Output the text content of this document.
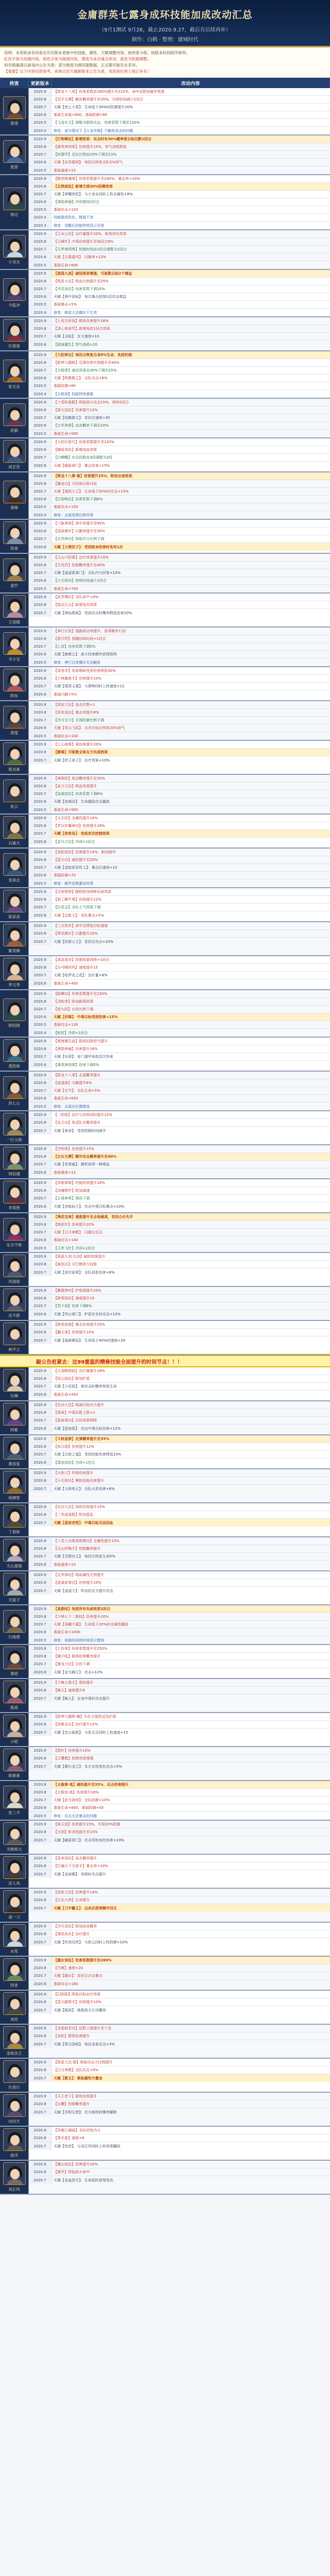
金庸群英七露身成环技能加成改动汇总
（9月1测试 9月26，截止2020.9.27，截后有后续再补）
制作：白鹤 · 整理：庸城时代
说明：本表收录各侠客在历次版本更新中的技能、属性、天赋调整内容，按侠客分组、按版本时间倒序排列。
红色字体为加强内容，绿色字体为削弱内容，黄底为本次重点改动，蓝色为机制调整。
如有错漏请以游戏内公告为准；部分数值为测试服数据，正式服可能存在差异。
【重要】以下内容仅供参考，具体以官方最新版本公告为准，欢迎各位侠士指正补充！
侠客	更新版本	改动内容
郭靖
2020.9	【降龙十八掌】伤害系数由180%提升至210%，命中后附加破甲效果
2020.8	【双手互搏】触发概率提升至35%，冷却时间减少1回合
2020.7	天赋【侠之大者】：生命低于30%时防御提升20%
2020.6	基础生命值+800，基础防御+60
2020.5	【飞龙在天】调整为群体攻击，伤害系数下调至120%
2020.4	修复：部分情况下【亢龙有悔】不触发追击的问题
黄蓉
2020.9	【打狗棒法】新增效果：攻击时有30%概率使目标沉默1回合
2020.8	【落英神剑掌】伤害提升15%，怒气消耗降低
2020.7	【软猬甲】反伤比例由20%下调至15%
2020.6	天赋【冰雪聪明】：每回合恢复全队5%怒气
2020.5	基础速度+15
杨过
2020.9	【黯然销魂掌】伤害系数提升至240%，暴击率+10%
2020.8	【玄铁剑法】新增无视30%防御效果
2020.7	天赋【神雕侠侣】：与小龙女同时上阵全属性+8%
2020.6	【弹指神通】冷却增加1回合
2020.5	基础攻击+120
2020.4	技能描述优化，数值不变
2020.3	修复：觉醒后技能特效显示异常
小龙女
2020.9	【玉女心经】治疗量提升20%，附加净化效果
2020.8	【玉蜂针】中毒伤害提升至每回合8%
2020.7	【天罗地网势】控制时间由2回合调整为1回合
2020.6	天赋【古墓遗风】：闪避率+12%
2020.5	基础生命+600
令狐冲
2020.9	【独孤九剑】破招效果增强，可驱散目标2个增益
2020.8	【吸星大法】吸血比例提升至25%
2020.7	【冲灵剑法】伤害系数下调10%
2020.6	天赋【酒中剑仙】：每次暴击获得1层攻击增益
2020.5	基础暴击+5%
2020.4	修复：吸星大法偶尔不生效
任盈盈
2020.9	【七弦无形剑】群体伤害提升18%
2020.8	【清心普善咒】新增免控1回合效果
2020.7	天赋【圣姑】：友方速度+10
2020.6	【碧海潮生】怒气消耗+20
张无忌
2020.9	【九阳神功】每回合恢复自身8%生命，免疫灼烧
2020.8	【乾坤大挪移】反弹伤害比例提升至40%
2020.7	【太极拳】减伤效果由30%下调至25%
2020.6	天赋【明教教主】：全队攻击+6%
2020.5	基础防御+80
2020.4	【太极剑】技能特效重做
赵敏
2020.9	【十香软筋散】降低敌方攻击15%，持续2回合
2020.8	【倚天剑法】伤害提升12%
2020.7	天赋【绍敏郡主】：首回合速度+30
2020.6	【玄冥神掌】冰冻概率下调至20%
2020.5	基础生命+500
周芷若
2020.9	【九阴白骨爪】伤害系数提升至220%
2020.8	【峨眉剑法】新增流血效果
2020.7	【白蟒鞭】攻击段数由3段调整为2段
2020.6	天赋【峨眉掌门】：暴击伤害+15%
萧峰
2020.9	【降龙十八掌·极】伤害提升25%，附加击退效果
2020.8	【擒龙功】可拉取后排目标
2020.7	天赋【南院大王】：生命高于50%时攻击+15%
2020.6	【打狗棒法】伤害系数下调8%
2020.5	基础攻击+150
2020.4	修复：击退效果位移异常
段誉
2020.9	【六脉神剑】命中率提升至95%
2020.8	【凌波微步】闪避率提升至30%
2020.7	【北冥神功】吸取内力比例下调
2020.6	天赋【大理世子】：受到致命伤害时免死1次
虚竹
2020.9	【天山六阳掌】治疗效果提升15%
2020.8	【生死符】控制概率提升至40%
2020.7	天赋【逍遥派掌门】：全队内力回复+10%
2020.6	【小无相功】持续时间减少1回合
2020.5	基础生命+700
王语嫣
2020.9	【武学博识】全队命中+8%
2020.8	【指点江山】新增易伤效果
2020.7	天赋【神仙姐姐】：受到攻击时概率降低伤害20%
韦小宝
2020.9	【神行百变】逃跑成功率提升，获得额外行动
2020.8	【蒙汗药】昏睡持续时间+1回合
2020.7	【匕首】伤害系数下调5%
2020.6	天赋【鹿鼎公】：战斗结束额外获得银两
2020.5	修复：神行百变偶尔无法触发
阿朱
2020.9	【易容术】伪装期间受到伤害降低30%
2020.8	【少林擒拿手】伤害提升10%
2020.7	天赋【情深义重】：与萧峰同时上阵速度+12
2020.6	基础闪避+5%
胡斐
2020.9	【胡家刀法】连击次数+1
2020.8	【苗家剑法】暴击率提升8%
2020.7	【冷月宝刀】无视防御比例下调
2020.6	天赋【雪山飞狐】：击杀目标后恢复20%怒气
2020.5	基础攻击+100
程灵素
2020.9	【七心海棠】毒伤害提升20%
2020.8	【解毒】可驱散全体友方负面效果
2020.7	天赋【药王弟子】：治疗效果+10%
狄云
2020.9	【神照经】复活概率提升至30%
2020.8	【血刀刀法】吸血效果提升
2020.7	【连城剑法】伤害系数下调6%
2020.6	天赋【连城诀】：生命越低攻击越高
2020.5	基础生命+900
石破天
2020.9	【太玄经】全属性提升10%
2020.8	【罗汉伏魔神功】伤害提升18%
2020.7	天赋【侠客岛】：免疫首次控制效果
2020.6	【金乌刀法】冷却+1回合
袁承志
2020.9	【金蛇剑法】伤害提升14%，附加破甲
2020.8	【混元功】减伤提升至20%
2020.7	天赋【金蛇郎君传人】：暴击后速度+10
2020.6	基础防御+70
2020.5	修复：破甲层数叠加异常
陈家洛
2020.9	【百花错拳】随机附加两种负面效果
2020.8	【庖丁解牛掌】伤害提升12%
2020.7	【红花会】全队士气效果下调
2020.6	天赋【总舵主】：全队暴击+5%
霍青桐
2020.9	【三分剑术】命中后降低目标速度
2020.8	【翠羽黄衫】闪避提升10%
2020.7	天赋【回部公主】：首回合攻击+20%
李文秀
2020.9	【高昌迷宫】控制效果持续+1回合
2020.8	【白马啸西风】速度提升15
2020.7	天赋【哈萨克之花】：治疗量+8%
2020.6	基础生命+400
欧阳锋
2020.9	【蛤蟆功】伤害系数提升至230%
2020.8	【灵蛇拳】附加剧毒效果
2020.7	【逆九阴】自伤比例下调
2020.6	天赋【西毒】：中毒目标受到伤害+15%
2020.5	基础攻击+130
2020.4	【蛇杖】冷却+1回合
黄药师
2020.9	【碧海潮生曲】群体扣除怒气提升
2020.8	【弹指神通】伤害提升16%
2020.7	天赋【东邪】：奇门遁甲免疫首次伤害
2020.6	【落英神剑掌】伤害下调5%
洪七公
2020.9	【降龙十八掌】击退概率提升
2020.8	【逍遥游】闪避提升8%
2020.7	天赋【北丐】：全队生命+5%
2020.6	基础生命+650
2020.5	修复：击退后位置错误
一灯大师
2020.9	【一阳指】治疗与伤害同时提升12%
2020.8	【先天功】复活队友概率提升
2020.7	天赋【南帝】：受到控制时间减半
周伯通
2020.9	【空明拳】伤害提升15%
2020.8	【左右互搏】额外攻击概率提升至40%
2020.7	天赋【老顽童】：随机获得一种增益
2020.6	基础速度+12
李莫愁
2020.9	【赤练神掌】灼烧伤害提升18%
2020.8	【冰魄银针】附加减速
2020.7	【五毒神掌】毒伤下调
2020.6	天赋【赤练仙子】：攻击中毒目标暴击+10%
东方不败
2020.9	【葵花宝典】速度提升至全场最高，首回合必先手
2020.8	【绣花针】伤害提升20%
2020.7	天赋【日月神教】：闪避后反击
2020.6	基础攻击+140
2020.5	【天外飞针】冷却+1回合
风清扬
2020.9	【独孤九剑·总诀】破防效果提升
2020.8	【破剑式】可打断敌方技能
2020.7	天赋【剑宗前辈】：全队剑系伤害+8%
岳不群
2020.9	【紫霞神功】护盾值提升20%
2020.8	【辟邪剑法】速度提升10
2020.7	【君子剑】伤害下调6%
2020.6	天赋【华山掌门】：护盾存在时攻击+10%
林平之
2020.9	【辟邪剑谱】暴击伤害提升25%
2020.8	【翻天掌】伤害提升10%
2020.7	天赋【福威镖局】：生命低于40%时速度+20
敲公告赶紧去：这99重温的精修技能全面提升的时间节点！！！
仪琳
2020.9	【天香断续胶】治疗量提升18%
2020.8	【恒山剑法】附加护盾
2020.7	天赋【小尼姑】：被攻击时概率恢复生命
2020.6	基础生命+450
阿紫
2020.9	【化功大法】削减目标内力提升
2020.8	【毒掌】中毒层数上限+2
2020.7	【星宿毒功】自伤效果移除
2020.6	天赋【星宿派】：攻击中毒目标伤害+12%
慕容复
2020.9	【斗转星移】反弹概率提升至35%
2020.8	【参合指】伤害提升12%
2020.7	天赋【以彼之道】：受到技能伤害降低10%
2020.6	【慕容剑法】冷却+1回合
鸠摩智
2020.9	【火焰刀】灼烧伤害提升
2020.8	【小无相功】模拟技能伤害提升
2020.7	天赋【大轮明王】：全队火系伤害+6%
丁春秋
2020.9	【化功大法】持续伤害提升15%
2020.8	【三笑逍遥散】附加混乱
2020.7	天赋【星宿老怪】：中毒目标无法回血
天山童姥
2020.9	【八荒六合唯我独尊功】全属性提升15%
2020.8	【天山折梅手】控制概率提升
2020.7	天赋【灵鹫宫主】：每回合恢复生命5%
2020.6	基础速度+10
无崖子
2020.9	【北冥神功】吸取属性比例提升
2020.8	【逍遥派掌法】伤害提升10%
2020.7	天赋【逍遥子】：传功给友方提升攻击
扫地僧
2020.9	【易筋经】免疫所有负面效果2回合
2020.8	【少林七十二绝技】伤害提升20%
2020.7	天赋【深藏不露】：生命低于20%时全属性翻倍
2020.6	基础生命+1000
2020.5	修复：易筋经持续时间显示错误
谢逊
2020.9	【七伤拳】伤害系数提升至250%
2020.8	【狮子吼】群体眩晕概率提升
2020.7	【屠龙刀法】自伤下调
2020.6	天赋【金毛狮王】：攻击+12%
殷离
2020.9	【千蛛万毒手】毒伤提升
2020.8	【蛛儿】速度提升8
2020.7	天赋【蛛儿】：自身中毒时攻击提升
小昭
2020.9	【乾坤大挪移·辅】为友方提供反伤护盾
2020.8	【波斯圣女】治疗提升12%
2020.7	天赋【忠心耿耿】：与张无忌同时上阵速度+15
殷素素
2020.9	【银针】伤害提升10%
2020.8	【天鹰教】控制效果增强
2020.7	天赋【紫衫龙王】：友方女性角色攻击+5%
张三丰
2020.9	【太极拳·真】减伤提升至35%，反击伤害提升
2020.8	【太极剑·真】伤害提升18%
2020.7	天赋【武当祖师】：全队防御+10%
2020.6	基础生命+800，基础防御+50
2020.5	修复：反击无法暴击的问题
灭绝师太
2020.9	【倚天剑】伤害提升15%，无视20%防御
2020.8	【灭剑】斩杀线提升至15%
2020.7	天赋【峨眉掌门】：攻击男性角色伤害+10%
苗人凤
2020.9	【苗家剑法】连击概率提升
2020.8	【打遍天下无敌手】暴击率+10%
2020.7	天赋【金面佛】：单挑时攻击提升
胡一刀
2020.9	【胡家刀法】伤害提升14%
2020.8	【辽东大侠】生命提升
2020.7	天赋【刀中霸主】：击杀后获得额外回合
水笙
2020.9	【冷月剑法】附加冰冻概率
2020.8	【落花流水】治疗提升
2020.7	天赋【铃剑双侠】：与狄云同时上阵防御+10%
阿青
2020.9	【越女剑法】伤害系数提升至260%
2020.8	【竹棒】速度+20
2020.7	天赋【越女】：首回合必定暴击
2020.6	基础攻击+160
成昆
2020.9	【幻阴指】降低目标治疗效果
2020.8	【混元霹雳手】伤害提升10%
2020.7	天赋【圆真】：挑拨敌方互攻概率
金轮法王
2020.9	【龙象般若功】层数上限提升至十层
2020.8	【金轮】群体伤害提升
2020.7	天赋【蒙古国师】：每层龙象攻击+3%
任我行
2020.9	【吸星大法·极】吸取攻击力比例提升
2020.8	【日月神教】全队攻击+8%
2020.7	天赋【教主】：吸取属性可叠加
向问天
2020.9	【天王老子】群体伤害提升
2020.8	【长鞭】控制概率提升
2020.7	天赋【光明左使】：友方被控时概率解除
曲洋
2020.9	【笑傲江湖曲】全队回复内力
2020.8	【黑木崖】速度+8
2020.7	天赋【知音】：与刘正风同时上阵效果翻倍
刘正风
2020.9	【衡山剑法】伤害提升10%
2020.8	【箫声】降低敌方命中
2020.7	天赋【金盆洗手】：生命低时获得免伤
